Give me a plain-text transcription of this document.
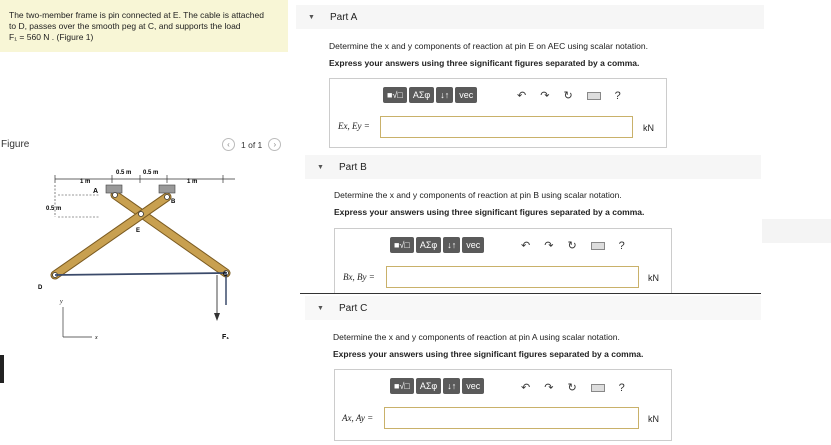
The two-member frame is pin connected at E. The cable is attached
to D, passes over the smooth peg at C, and supports the load
F₁ = 560 N . (Figure 1)
Figure	‹	1 of 1	›
1 m
0.5 m 0.5 m
1 m
0.5 m
A
B
E
C
D
F₁
y
x
▼	Part A
Determine the x and y components of reaction at pin E on AEC using scalar notation.
Express your answers using three significant figures separated by a comma.
■√□	AΣφ	↓↑	vec	↶ ↷ ↻	?
Ex, Ey =	kN
▼	Part B
Determine the x and y components of reaction at pin B using scalar notation.
Express your answers using three significant figures separated by a comma.
■√□	AΣφ	↓↑	vec	↶ ↷ ↻	?
Bx, By =	kN
▼	Part C
Determine the x and y components of reaction at pin A using scalar notation.
Express your answers using three significant figures separated by a comma.
■√□	AΣφ	↓↑	vec	↶ ↷ ↻	?
Ax, Ay =	kN
